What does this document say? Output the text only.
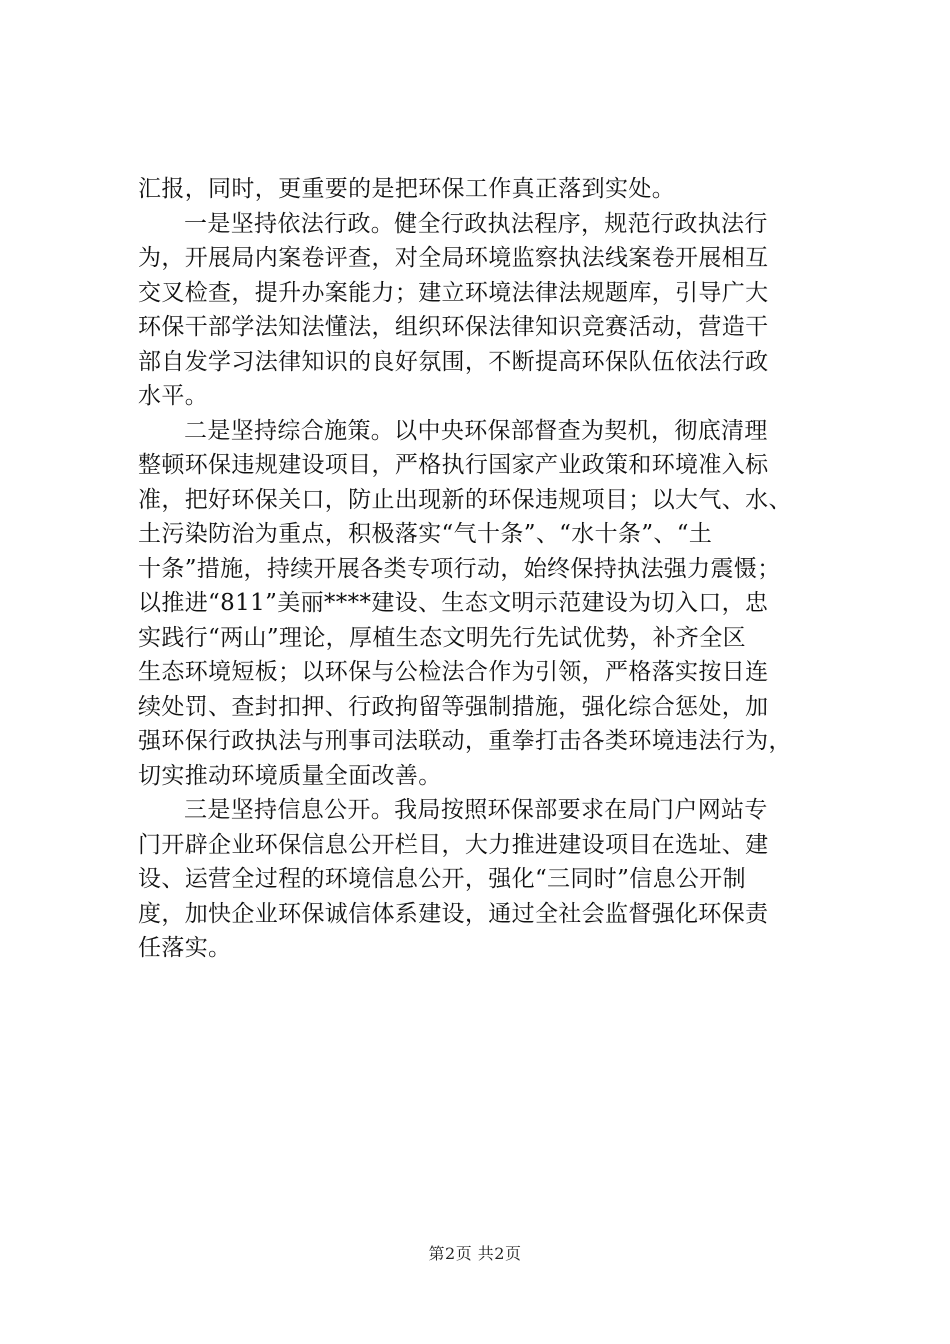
汇报，同时，更重要的是把环保工作真正落到实处。
一是坚持依法行政。健全行政执法程序，规范行政执法行
为，开展局内案卷评查，对全局环境监察执法线案卷开展相互
交叉检查，提升办案能力；建立环境法律法规题库，引导广大
环保干部学法知法懂法，组织环保法律知识竞赛活动，营造干
部自发学习法律知识的良好氛围，不断提高环保队伍依法行政
水平。
二是坚持综合施策。以中央环保部督查为契机，彻底清理
整顿环保违规建设项目，严格执行国家产业政策和环境准入标
准，把好环保关口，防止出现新的环保违规项目；以大气、水、
土污染防治为重点，积极落实“气十条”、“水十条”、“土
十条”措施，持续开展各类专项行动，始终保持执法强力震慑；
以推进“811”美丽****建设、生态文明示范建设为切入口，忠
实践行“两山”理论，厚植生态文明先行先试优势，补齐全区
生态环境短板；以环保与公检法合作为引领，严格落实按日连
续处罚、查封扣押、行政拘留等强制措施，强化综合惩处，加
强环保行政执法与刑事司法联动，重拳打击各类环境违法行为，
切实推动环境质量全面改善。
三是坚持信息公开。我局按照环保部要求在局门户网站专
门开辟企业环保信息公开栏目，大力推进建设项目在选址、建
设、运营全过程的环境信息公开，强化“三同时”信息公开制
度，加快企业环保诚信体系建设，通过全社会监督强化环保责
任落实。
第2页 共2页
